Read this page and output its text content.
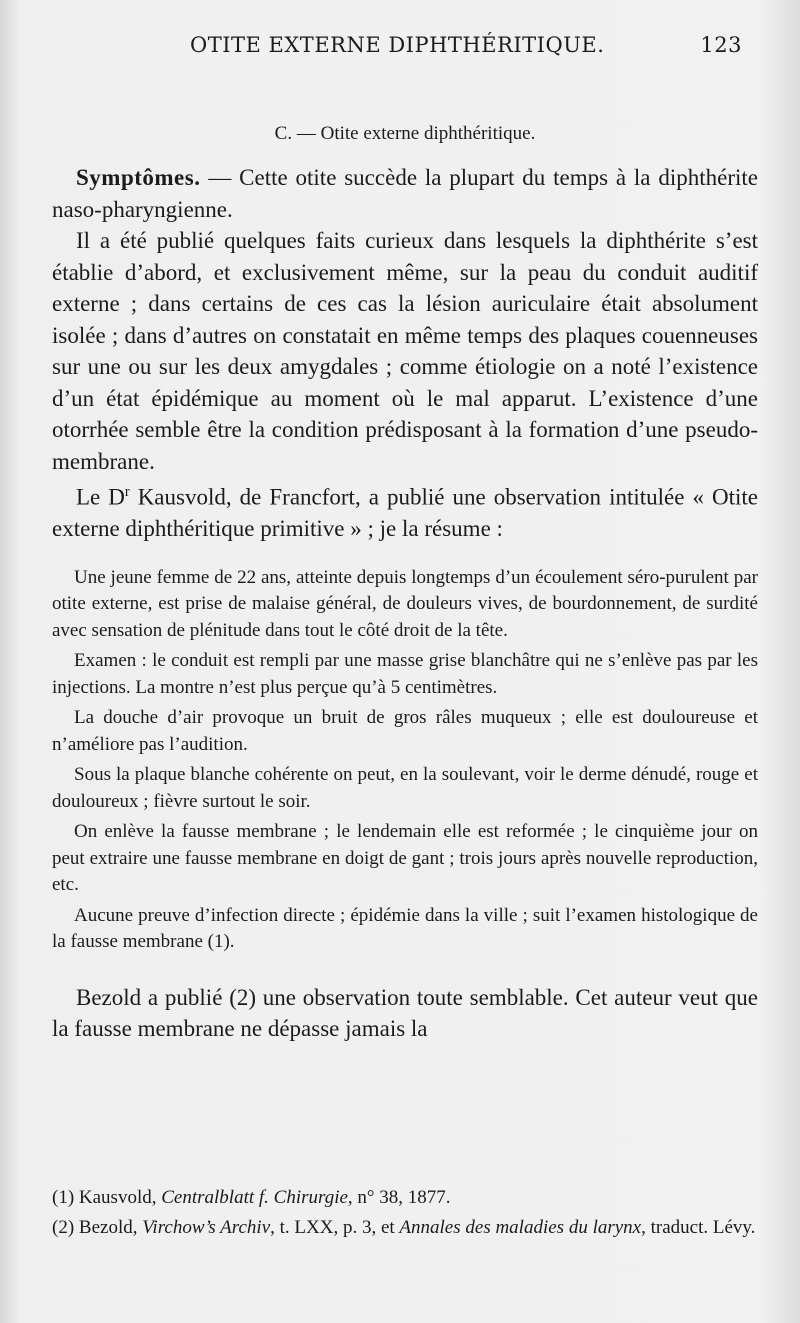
OTITE EXTERNE DIPHTHÉRITIQUE.	123

C. — Otite externe diphthéritique.

Symptômes. — Cette otite succède la plupart du temps à la diphthérite naso-pharyngienne.

Il a été publié quelques faits curieux dans lesquels la diphthérite s’est établie d’abord, et exclusivement même, sur la peau du conduit auditif externe ; dans certains de ces cas la lésion auriculaire était absolument isolée ; dans d’autres on constatait en même temps des plaques couenneuses sur une ou sur les deux amygdales ; comme étiologie on a noté l’existence d’un état épidémique au moment où le mal apparut. L’existence d’une otorrhée semble être la condition prédisposant à la formation d’une pseudo-membrane.

Le $D^r$ Kausvold, de Francfort, a publié une observation intitulée « Otite externe diphthéritique primitive » ; je la résume :

Une jeune femme de 22 ans, atteinte depuis longtemps d’un écoulement séro-purulent par otite externe, est prise de malaise général, de douleurs vives, de bourdonnement, de surdité avec sensation de plénitude dans tout le côté droit de la tête.

Examen : le conduit est rempli par une masse grise blanchâtre qui ne s’enlève pas par les injections. La montre n’est plus perçue qu’à 5 centimètres.

La douche d’air provoque un bruit de gros râles muqueux ; elle est douloureuse et n’améliore pas l’audition.

Sous la plaque blanche cohérente on peut, en la soulevant, voir le derme dénudé, rouge et douloureux ; fièvre surtout le soir.

On enlève la fausse membrane ; le lendemain elle est reformée ; le cinquième jour on peut extraire une fausse membrane en doigt de gant ; trois jours après nouvelle reproduction, etc.

Aucune preuve d’infection directe ; épidémie dans la ville ; suit l’examen histologique de la fausse membrane (1).

Bezold a publié (2) une observation toute semblable. Cet auteur veut que la fausse membrane ne dépasse jamais la

(1) Kausvold, Centralblatt f. Chirurgie, n° 38, 1877.

(2) Bezold, Virchow’s Archiv, t. LXX, p. 3, et Annales des maladies du larynx, traduct. Lévy.
